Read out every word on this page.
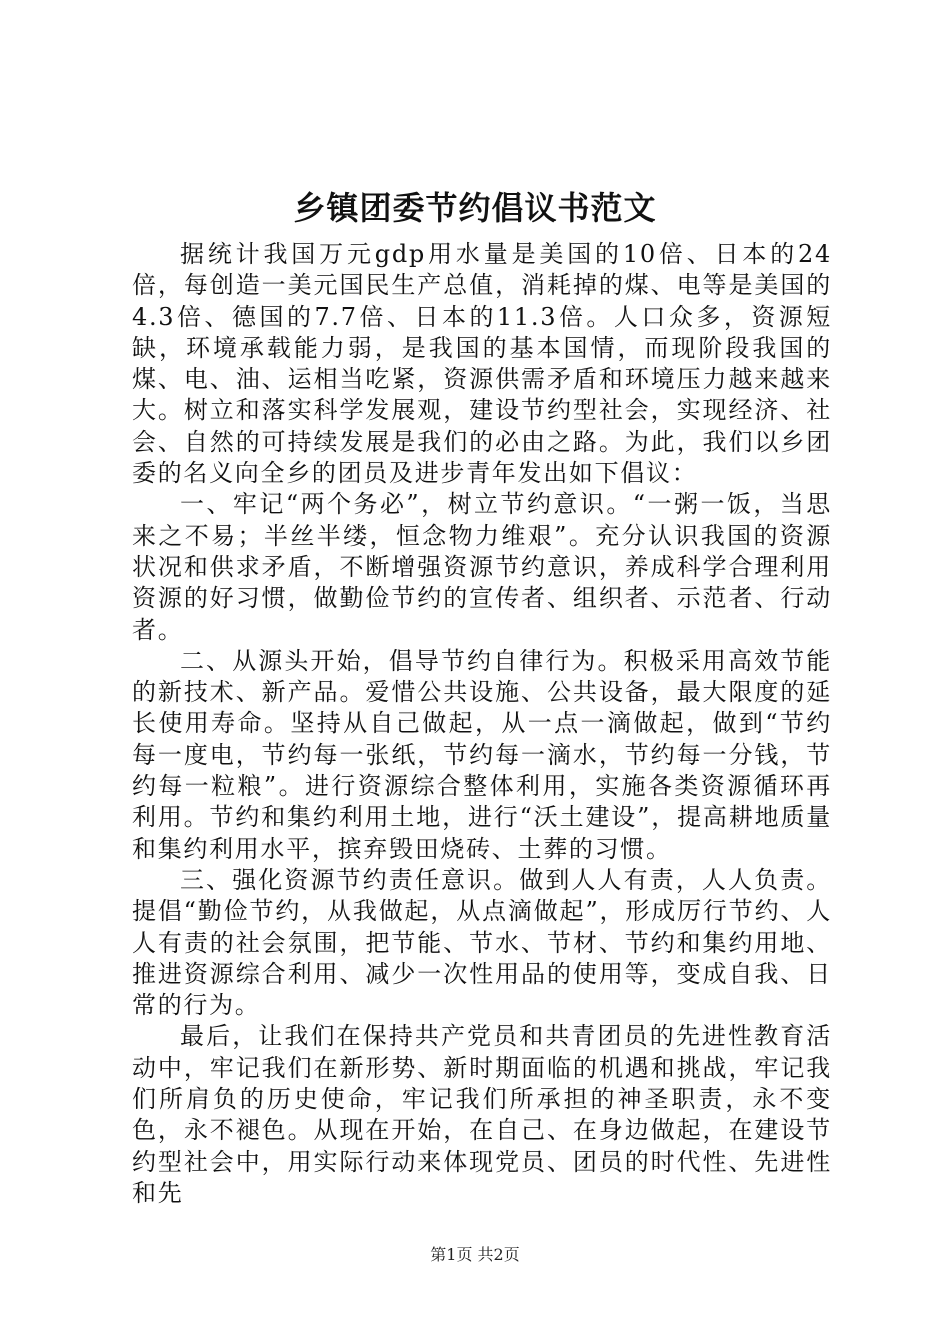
乡镇团委节约倡议书范文

据统计我国万元gdp用水量是美国的10倍、日本的24倍，每创造一美元国民生产总值，消耗掉的煤、电等是美国的4.3倍、德国的7.7倍、日本的11.3倍。人口众多，资源短缺，环境承载能力弱，是我国的基本国情，而现阶段我国的煤、电、油、运相当吃紧，资源供需矛盾和环境压力越来越来大。树立和落实科学发展观，建设节约型社会，实现经济、社会、自然的可持续发展是我们的必由之路。为此，我们以乡团委的名义向全乡的团员及进步青年发出如下倡议：

一、牢记“两个务必”，树立节约意识。“一粥一饭，当思来之不易；半丝半缕，恒念物力维艰”。充分认识我国的资源状况和供求矛盾，不断增强资源节约意识，养成科学合理利用资源的好习惯，做勤俭节约的宣传者、组织者、示范者、行动者。

二、从源头开始，倡导节约自律行为。积极采用高效节能的新技术、新产品。爱惜公共设施、公共设备，最大限度的延长使用寿命。坚持从自己做起，从一点一滴做起，做到“节约每一度电，节约每一张纸，节约每一滴水，节约每一分钱，节约每一粒粮”。进行资源综合整体利用，实施各类资源循环再利用。节约和集约利用土地，进行“沃土建设”，提高耕地质量和集约利用水平，摈弃毁田烧砖、土葬的习惯。

三、强化资源节约责任意识。做到人人有责，人人负责。提倡“勤俭节约，从我做起，从点滴做起”，形成厉行节约、人人有责的社会氛围，把节能、节水、节材、节约和集约用地、推进资源综合利用、减少一次性用品的使用等，变成自我、日常的行为。

最后，让我们在保持共产党员和共青团员的先进性教育活动中，牢记我们在新形势、新时期面临的机遇和挑战，牢记我们所肩负的历史使命，牢记我们所承担的神圣职责，永不变色，永不褪色。从现在开始，在自己、在身边做起，在建设节约型社会中，用实际行动来体现党员、团员的时代性、先进性和先

第1页 共2页
